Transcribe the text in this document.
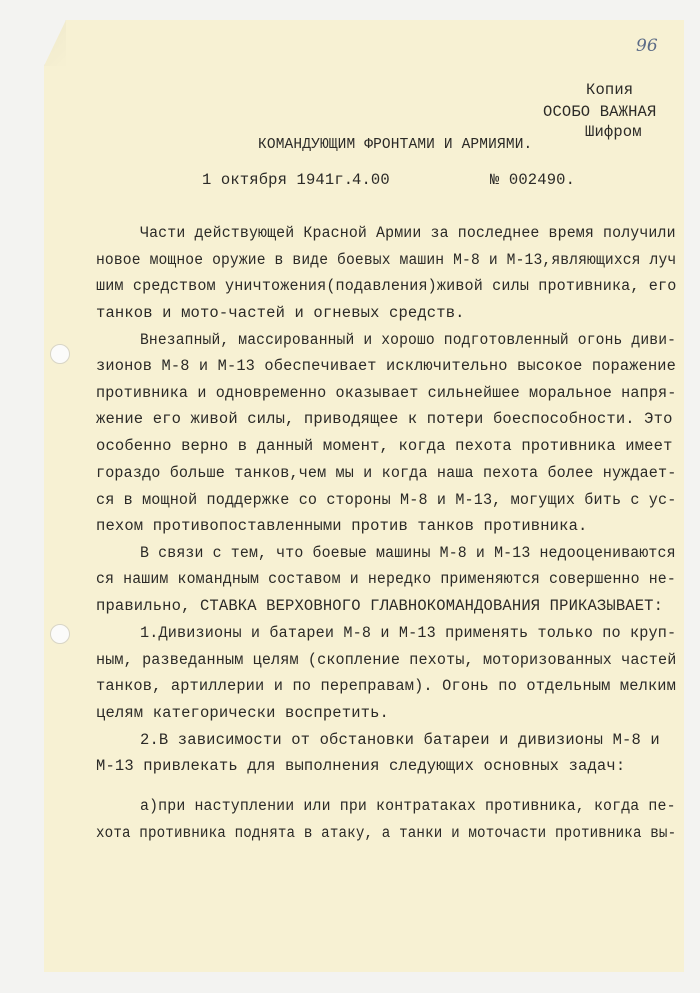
96
Копия
ОСОБО ВАЖНАЯ
Шифром
КОМАНДУЮЩИМ ФРОНТАМИ И АРМИЯМИ.
1 октября 1941г.
4.00	№ 002490.
Части действующей Красной Армии за последнее время получили
новое мощное оружие в виде боевых машин М-8 и М-13,являющихся луч
шим средством уничтожения(подавления)живой силы противника, его
танков и мото-частей и огневых средств.
Внезапный, массированный и хорошо подготовленный огонь диви-
зионов М-8 и М-13 обеспечивает исключительно высокое поражение
противника и одновременно оказывает сильнейшее моральное напря-
жение его живой силы, приводящее к потери боеспособности. Это
особенно верно в данный момент, когда пехота противника имеет
гораздо больше танков,чем мы и когда наша пехота более нуждает-
ся в мощной поддержке со стороны М-8 и М-13, могущих бить с ус-
пехом противопоставленными против танков противника.
В связи с тем, что боевые машины М-8 и М-13 недооцениваются
ся нашим командным составом и нередко применяются совершенно не-
правильно, СТАВКА ВЕРХОВНОГО ГЛАВНОКОМАНДОВАНИЯ ПРИКАЗЫВАЕТ:
1.Дивизионы и батареи М-8 и М-13 применять только по круп-
ным, разведанным целям (скопление пехоты, моторизованных частей
танков, артиллерии и по переправам). Огонь по отдельным мелким
целям категорически воспретить.
2.В зависимости от обстановки батареи и дивизионы М-8 и
М-13 привлекать для выполнения следующих основных задач:
а)при наступлении или при контратаках противника, когда пе-
хота противника поднята в атаку, а танки и моточасти противника вы-
